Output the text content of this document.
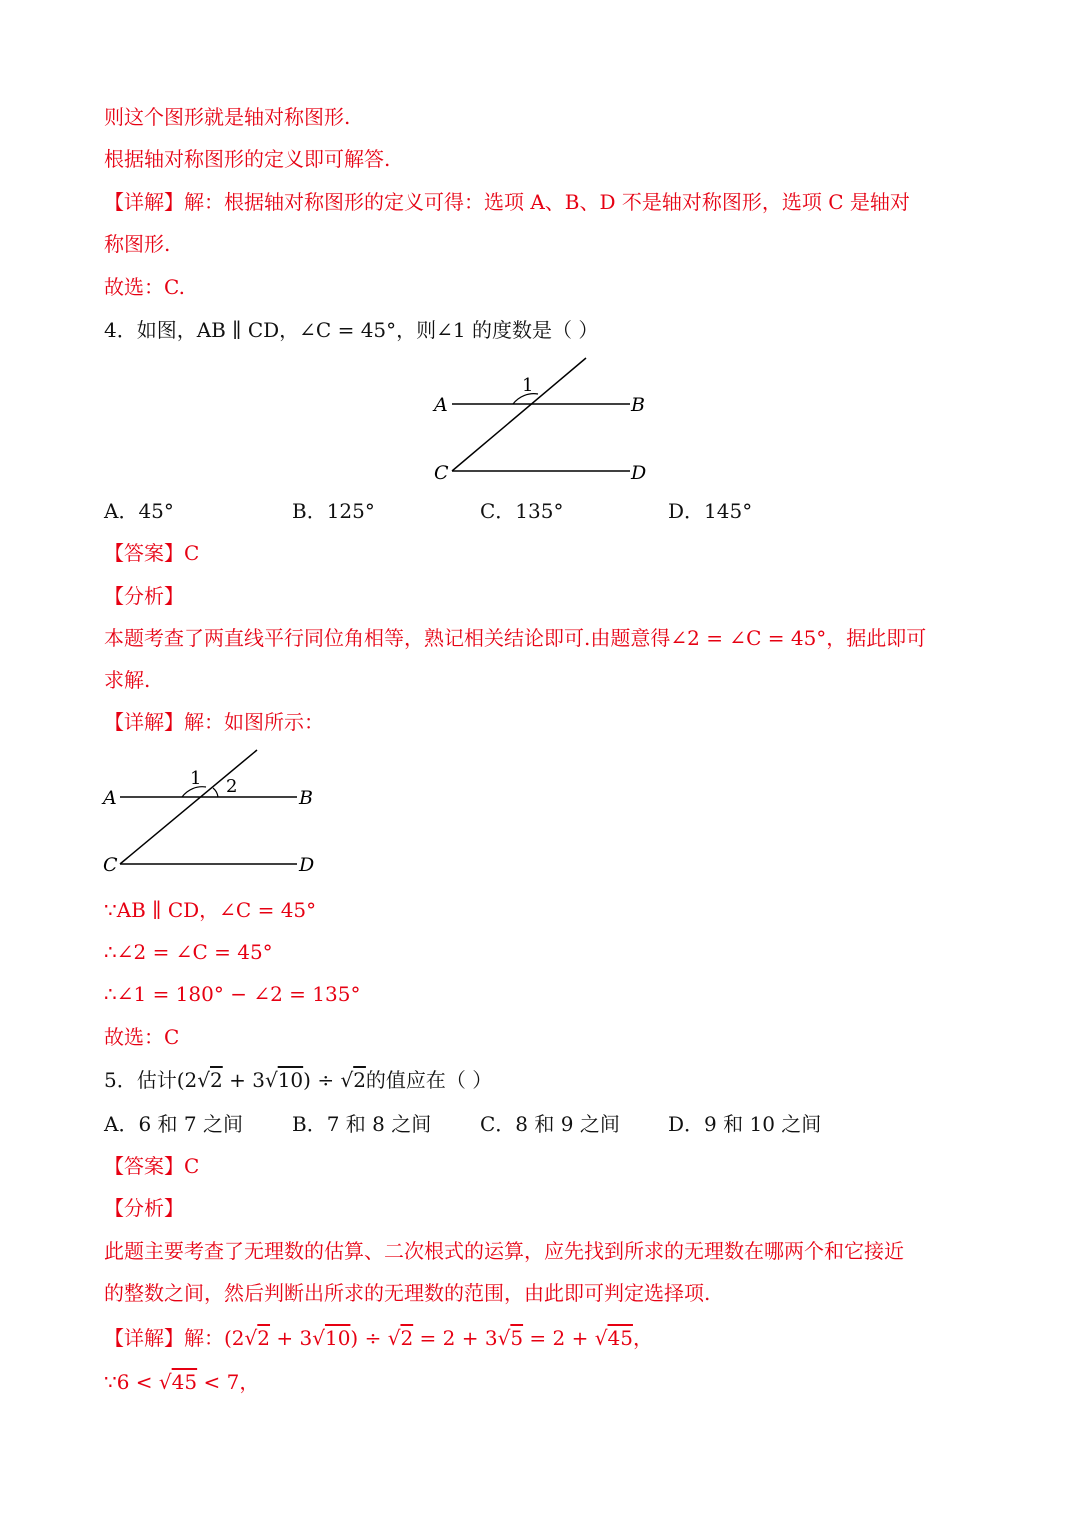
则这个图形就是轴对称图形.
根据轴对称图形的定义即可解答.
【详解】解：根据轴对称图形的定义可得：选项 A、B、D 不是轴对称图形，选项 C 是轴对
称图形.
故选：C.
4．如图，AB ∥ CD，∠C = 45°，则∠1 的度数是（ ）
1
A	B
C	D
A．45°	B．125°	C．135°	D．145°
【答案】C
【分析】
本题考查了两直线平行同位角相等，熟记相关结论即可.由题意得∠2 = ∠C = 45°，据此即可
求解.
【详解】解：如图所示：
1 2
A	B
C	D
∵AB ∥ CD，∠C = 45°
∴∠2 = ∠C = 45°
∴∠1 = 180° − ∠2 = 135°
故选：C
5．估计(2√2 + 3√10) ÷ √2的值应在（ ）
A．6 和 7 之间 B．7 和 8 之间 C．8 和 9 之间 D．9 和 10 之间
【答案】C
【分析】
此题主要考查了无理数的估算、二次根式的运算，应先找到所求的无理数在哪两个和它接近
的整数之间，然后判断出所求的无理数的范围，由此即可判定选择项.
【详解】解：(2√2 + 3√10) ÷ √2 = 2 + 3√5 = 2 + √45，
∵6 < √45 < 7，
